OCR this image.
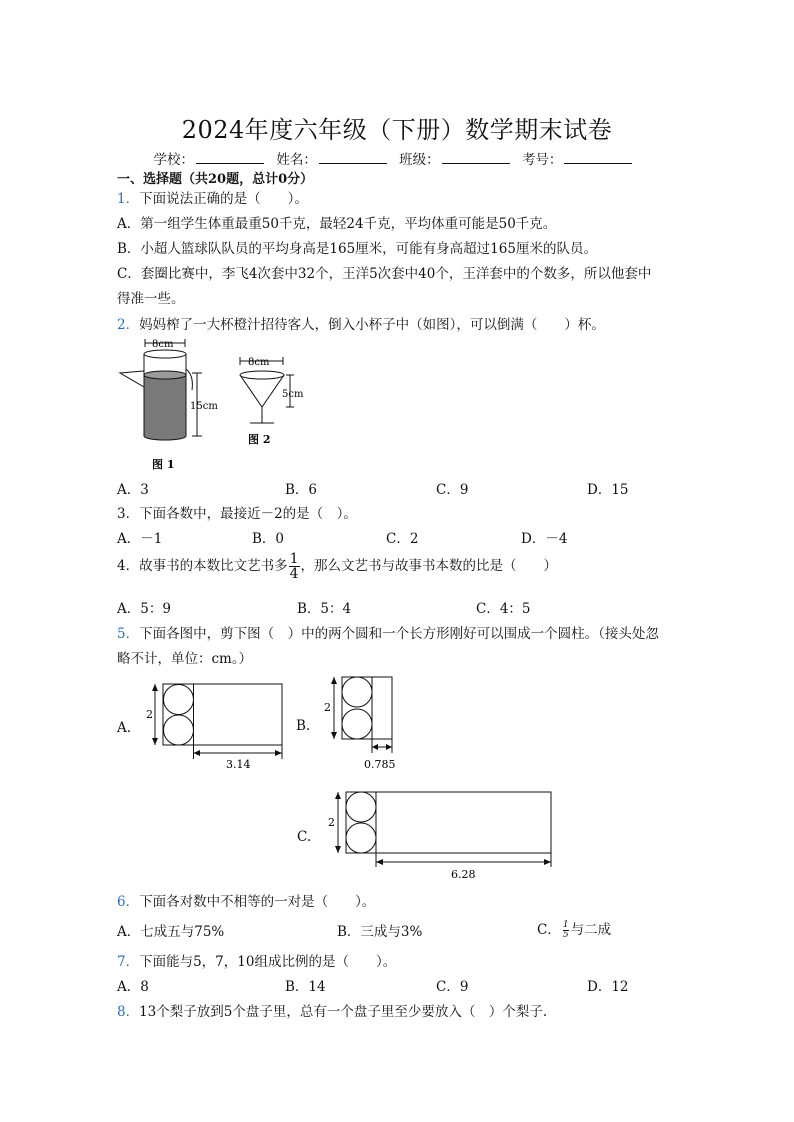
2024年度六年级（下册）数学期末试卷
学校：	姓名：	班级：	考号：
一、选择题（共20题，总计0分）
1．下面说法正确的是（　　）。
A．第一组学生体重最重50千克，最轻24千克，平均体重可能是50千克。
B．小超人篮球队队员的平均身高是165厘米，可能有身高超过165厘米的队员。
C．套圈比赛中，李飞4次套中32个，王洋5次套中40个，王洋套中的个数多，所以他套中
得准一些。
2．妈妈榨了一大杯橙汁招待客人，倒入小杯子中（如图），可以倒满（　　）杯。
8cm
15cm
图 1
8cm
5cm
图 2
A．3	B．6	C．9	D．15
3．下面各数中，最接近－2的是（　）。
A．－1	B．0	C．2	D．－4
4．故事书的本数比文艺书多 $\frac{1}{4}$ ，那么文艺书与故事书本数的比是（　　）
A．5：9	B．5：4	C．4：5
5．下面各图中，剪下图（　）中的两个圆和一个长方形刚好可以围成一个圆柱。（接头处忽
略不计，单位：cm。）
A.
2
3.14
B.
2
0.785
C.
2
6.28
6．下面各对数中不相等的一对是（　　）。
A．七成五与75%	B．三成与3%	C． $\frac{1}{5}$ 与二成
7．下面能与5，7，10组成比例的是（　　）。
A．8	B．14	C．9	D．12
8．13个梨子放到5个盘子里，总有一个盘子里至少要放入（　）个梨子.
